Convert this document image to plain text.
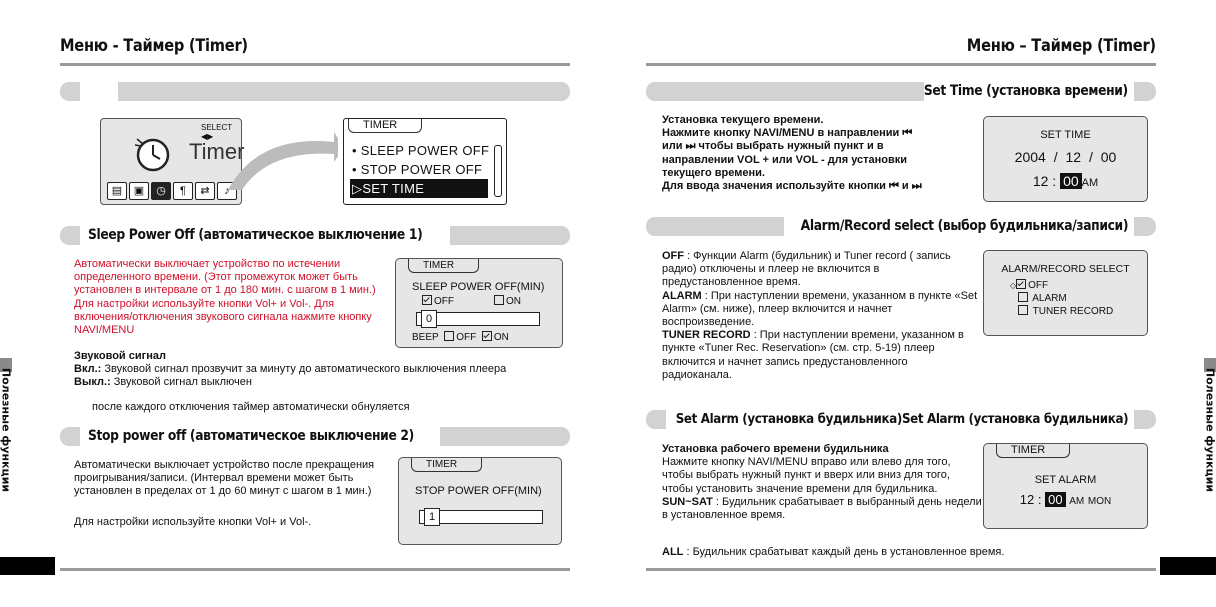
Меню - Таймер (Timer)
Timer
SELECT ◀▶
▤ ▣ ◷ ¶ ⇄ ♪
Click the NAVI/MENU button
TIMER
• SLEEP POWER OFF
• STOP POWER OFF
▷SET TIME
Sleep Power Off (автоматическое выключение 1)
Автоматически выключает устройство по истечении определенного времени. (Этот промежуток может быть установлен в интервале от 1 до 180 мин. с шагом в 1 мин.) Для настройки используйте кнопки Vol+ и Vol-. Для включения/отключения звукового сигнала нажмите кнопку NAVI/MENU
TIMER
SLEEP POWER OFF(MIN)
OFF	ON
0
BEEP OFF ON
Звуковой сигнал
Вкл.: Звуковой сигнал прозвучит за минуту до автоматического выключения плеера
Выкл.: Звуковой сигнал выключен
после каждого отключения таймер автоматически обнуляется
Stop power off (автоматическое выключение 2)
Автоматически выключает устройство после прекращения проигрывания/записи. (Интервал времени может быть установлен в пределах от 1 до 60 минут с шагом в 1 мин.)
Для настройки используйте кнопки Vol+ и Vol-.
TIMER
STOP POWER OFF(MIN)
1
Полезные функции
Меню – Таймер (Timer)
Set Time (установка времени)
Установка текущего времени.
Нажмите кнопку NAVI/MENU в направлении ⏮
или ⏭ чтобы выбрать нужный пункт и в
направлении VOL + или VOL - для установки
текущего времени.
Для ввода значения используйте кнопки ⏮ и ⏭
SET TIME
2004 / 12 / 00
12 : 00 AM
Alarm/Record select (выбор будильника/записи)
OFF : Функции Alarm (будильник) и Tuner record ( запись радио) отключены и плеер не включится в предустановленное время.
ALARM : При наступлении времени, указанном в пункте «Set Alarm» (см. ниже), плеер включится и начнет воспроизведение.
TUNER RECORD : При наступлении времени, указанном в пункте «Tuner Rec. Reservation» (см. стр. 5-19) плеер включится и начнет запись предустановленного радиоканала.
ALARM/RECORD SELECT
◇ OFF
ALARM
TUNER RECORD
Set Alarm (установка будильника)Set Alarm (установка будильника)
Установка рабочего времени будильника
Нажмите кнопку NAVI/MENU вправо или влево для того, чтобы выбрать нужный пункт и вверх или вниз для того, чтобы установить значение времени для будильника.
SUN~SAT : Будильник срабатывает в выбранный день недели в установленное время.
ALL : Будильник срабатыват каждый день в установленное время.
TIMER
SET ALARM
12 : 00 AM MON
Полезные функции
